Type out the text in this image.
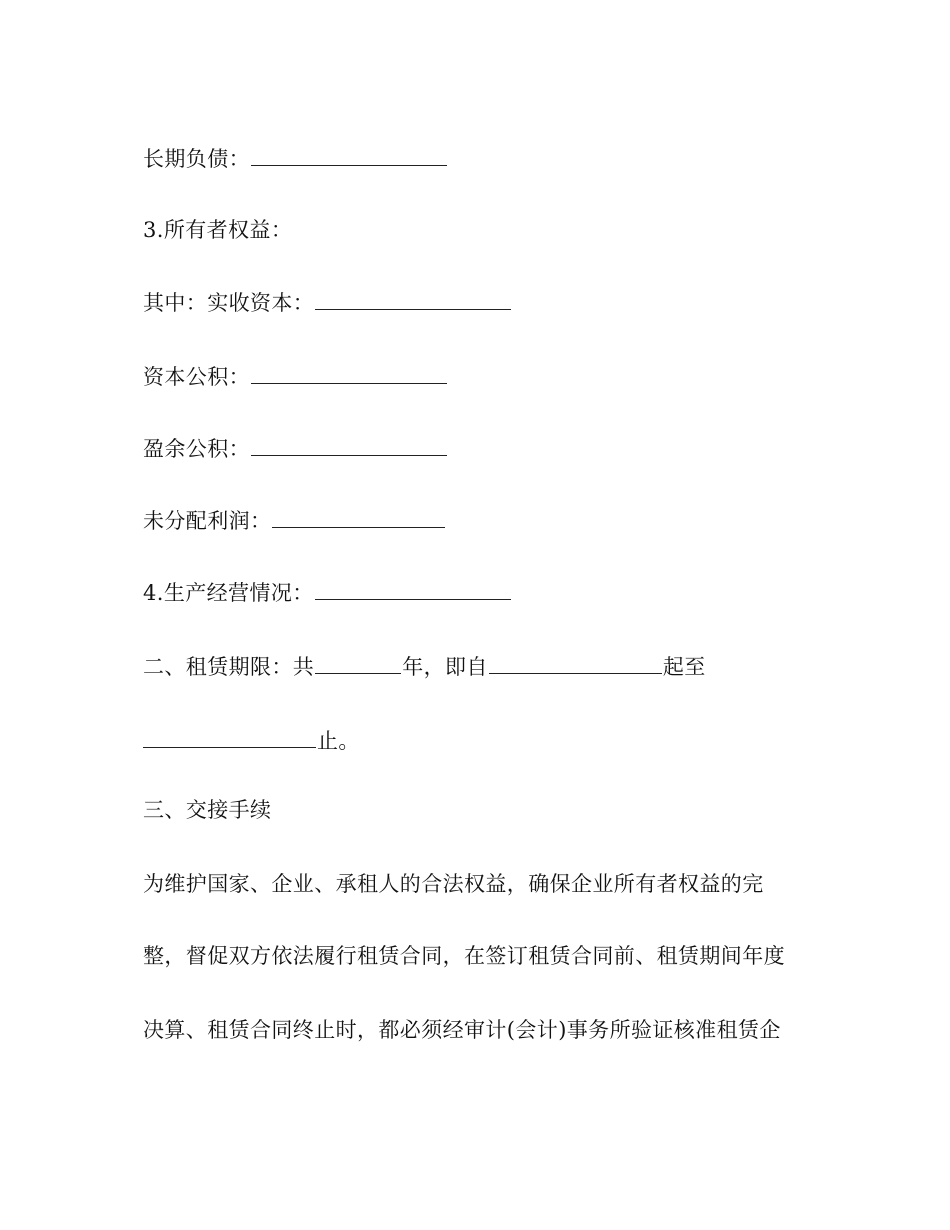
长期负债：
3.所有者权益：
其中：实收资本：
资本公积：
盈余公积：
未分配利润：
4.生产经营情况：
二、租赁期限：共	年，即自	起至
止。
三、交接手续
为维护国家、企业、承租人的合法权益，确保企业所有者权益的完
整，督促双方依法履行租赁合同，在签订租赁合同前、租赁期间年度
决算、租赁合同终止时，都必须经审计(会计)事务所验证核准租赁企
